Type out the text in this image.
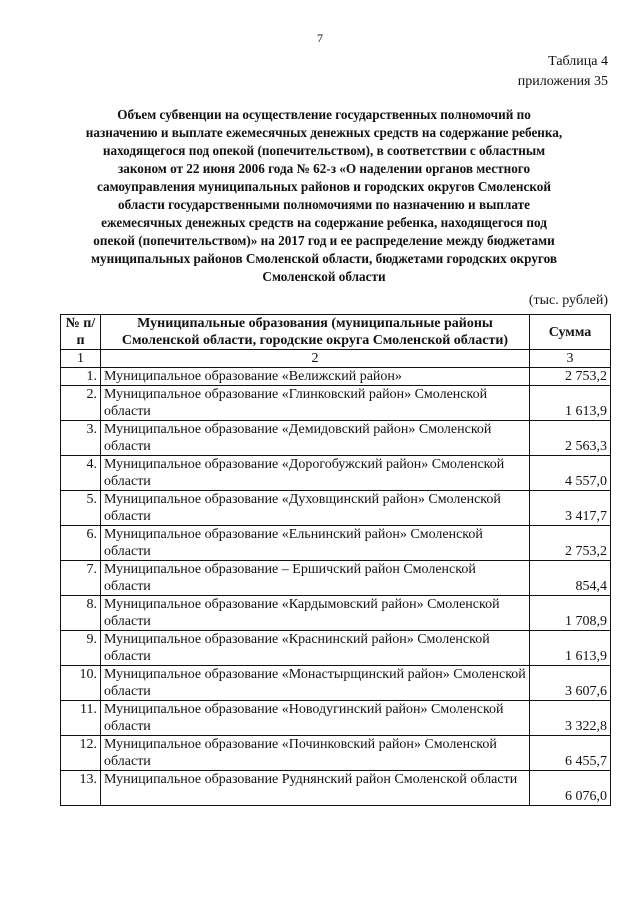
7
Таблица 4
приложения 35
Объем субвенции на осуществление государственных полномочий по
назначению и выплате ежемесячных денежных средств на содержание ребенка,
находящегося под опекой (попечительством), в соответствии с областным
законом от 22 июня 2006 года № 62-з «О наделении органов местного
самоуправления муниципальных районов и городских округов Смоленской
области государственными полномочиями по назначению и выплате
ежемесячных денежных средств на содержание ребенка, находящегося под
опекой (попечительством)» на 2017 год и ее распределение между бюджетами
муниципальных районов Смоленской области, бюджетами городских округов
Смоленской области
(тыс. рублей)
№ п/п	Муниципальные образования (муниципальные районы Смоленской области, городские округа Смоленской области)	Сумма
1	2	3
1.	Муниципальное образование «Велижский район»	2 753,2
2.	Муниципальное образование «Глинковский район» Смоленской области	1 613,9
3.	Муниципальное образование «Демидовский район» Смоленской области	2 563,3
4.	Муниципальное образование «Дорогобужский район» Смоленской области	4 557,0
5.	Муниципальное образование «Духовщинский район» Смоленской области	3 417,7
6.	Муниципальное образование «Ельнинский район» Смоленской области	2 753,2
7.	Муниципальное образование – Ершичский район Смоленской области	854,4
8.	Муниципальное образование «Кардымовский район» Смоленской области	1 708,9
9.	Муниципальное образование «Краснинский район» Смоленской области	1 613,9
10.	Муниципальное образование «Монастырщинский район» Смоленской области	3 607,6
11.	Муниципальное образование «Новодугинский район» Смоленской области	3 322,8
12.	Муниципальное образование «Починковский район» Смоленской области	6 455,7
13.	Муниципальное образование Руднянский район Смоленской области	6 076,0
